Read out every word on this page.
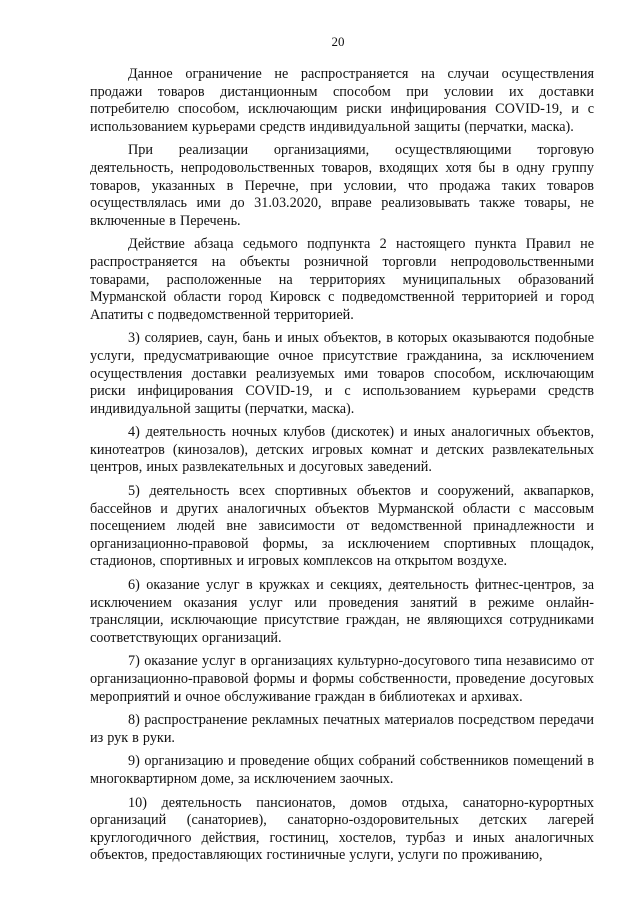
20

Данное ограничение не распространяется на случаи осуществления продажи товаров дистанционным способом при условии их доставки потребителю способом, исключающим риски инфицирования COVID-19, и с использованием курьерами средств индивидуальной защиты (перчатки, маска).

При реализации организациями, осуществляющими торговую деятельность, непродовольственных товаров, входящих хотя бы в одну группу товаров, указанных в Перечне, при условии, что продажа таких товаров осуществлялась ими до 31.03.2020, вправе реализовывать также товары, не включенные в Перечень.

Действие абзаца седьмого подпункта 2 настоящего пункта Правил не распространяется на объекты розничной торговли непродовольственными товарами, расположенные на территориях муниципальных образований Мурманской области город Кировск с подведомственной территорией и город Апатиты с подведомственной территорией.

3) соляриев, саун, бань и иных объектов, в которых оказываются подобные услуги, предусматривающие очное присутствие гражданина, за исключением осуществления доставки реализуемых ими товаров способом, исключающим риски инфицирования COVID-19, и с использованием курьерами средств индивидуальной защиты (перчатки, маска).

4) деятельность ночных клубов (дискотек) и иных аналогичных объектов, кинотеатров (кинозалов), детских игровых комнат и детских развлекательных центров, иных развлекательных и досуговых заведений.

5) деятельность всех спортивных объектов и сооружений, аквапарков, бассейнов и других аналогичных объектов Мурманской области с массовым посещением людей вне зависимости от ведомственной принадлежности и организационно-правовой формы, за исключением спортивных площадок, стадионов, спортивных и игровых комплексов на открытом воздухе.

6) оказание услуг в кружках и секциях, деятельность фитнес-центров, за исключением оказания услуг или проведения занятий в режиме онлайн-трансляции, исключающие присутствие граждан, не являющихся сотрудниками соответствующих организаций.

7) оказание услуг в организациях культурно-досугового типа независимо от организационно-правовой формы и формы собственности, проведение досуговых мероприятий и очное обслуживание граждан в библиотеках и архивах.

8) распространение рекламных печатных материалов посредством передачи из рук в руки.

9) организацию и проведение общих собраний собственников помещений в многоквартирном доме, за исключением заочных.

10) деятельность пансионатов, домов отдыха, санаторно-курортных организаций (санаториев), санаторно-оздоровительных детских лагерей круглогодичного действия, гостиниц, хостелов, турбаз и иных аналогичных объектов, предоставляющих гостиничные услуги, услуги по проживанию,
